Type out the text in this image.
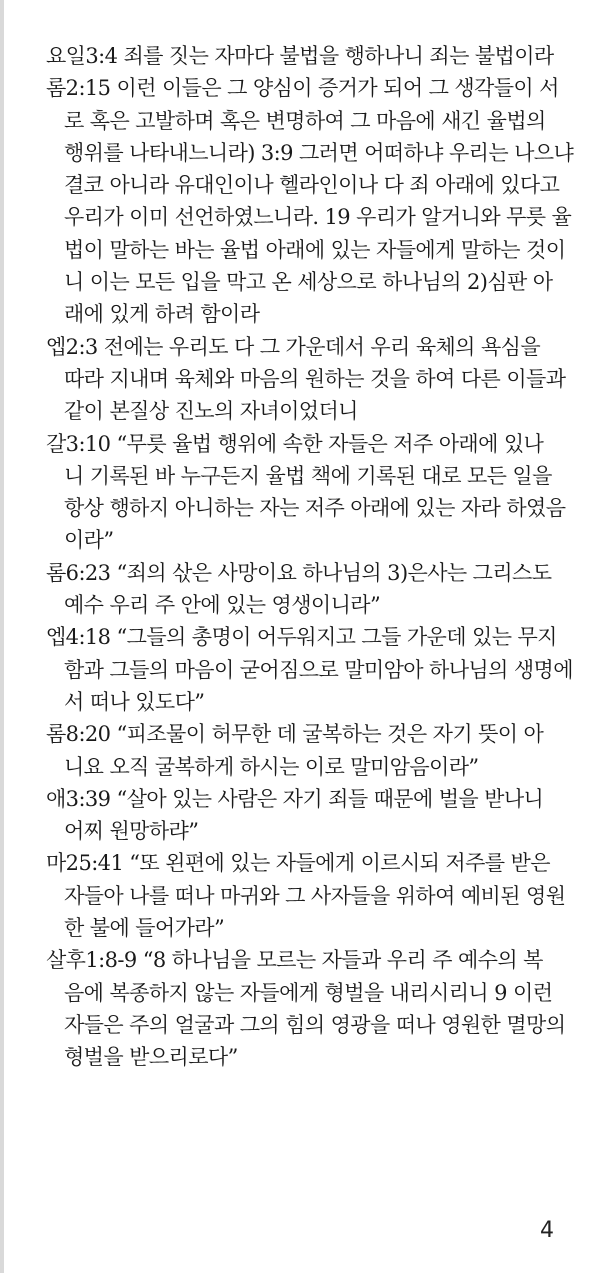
요일3:4 죄를 짓는 자마다 불법을 행하나니 죄는 불법이라
롬2:15 이런 이들은 그 양심이 증거가 되어 그 생각들이 서
로 혹은 고발하며 혹은 변명하여 그 마음에 새긴 율법의
행위를 나타내느니라) 3:9 그러면 어떠하냐 우리는 나으냐
결코 아니라 유대인이나 헬라인이나 다 죄 아래에 있다고
우리가 이미 선언하였느니라. 19 우리가 알거니와 무릇 율
법이 말하는 바는 율법 아래에 있는 자들에게 말하는 것이
니 이는 모든 입을 막고 온 세상으로 하나님의 2)심판 아
래에 있게 하려 함이라
엡2:3 전에는 우리도 다 그 가운데서 우리 육체의 욕심을
따라 지내며 육체와 마음의 원하는 것을 하여 다른 이들과
같이 본질상 진노의 자녀이었더니
갈3:10 “무릇 율법 행위에 속한 자들은 저주 아래에 있나
니 기록된 바 누구든지 율법 책에 기록된 대로 모든 일을
항상 행하지 아니하는 자는 저주 아래에 있는 자라 하였음
이라”
롬6:23 “죄의 삯은 사망이요 하나님의 3)은사는 그리스도
예수 우리 주 안에 있는 영생이니라”
엡4:18 “그들의 총명이 어두워지고 그들 가운데 있는 무지
함과 그들의 마음이 굳어짐으로 말미암아 하나님의 생명에
서 떠나 있도다”
롬8:20 “피조물이 허무한 데 굴복하는 것은 자기 뜻이 아
니요 오직 굴복하게 하시는 이로 말미암음이라”
애3:39 “살아 있는 사람은 자기 죄들 때문에 벌을 받나니
어찌 원망하랴”
마25:41 “또 왼편에 있는 자들에게 이르시되 저주를 받은
자들아 나를 떠나 마귀와 그 사자들을 위하여 예비된 영원
한 불에 들어가라”
살후1:8-9 “8 하나님을 모르는 자들과 우리 주 예수의 복
음에 복종하지 않는 자들에게 형벌을 내리시리니 9 이런
자들은 주의 얼굴과 그의 힘의 영광을 떠나 영원한 멸망의
형벌을 받으리로다”
4
